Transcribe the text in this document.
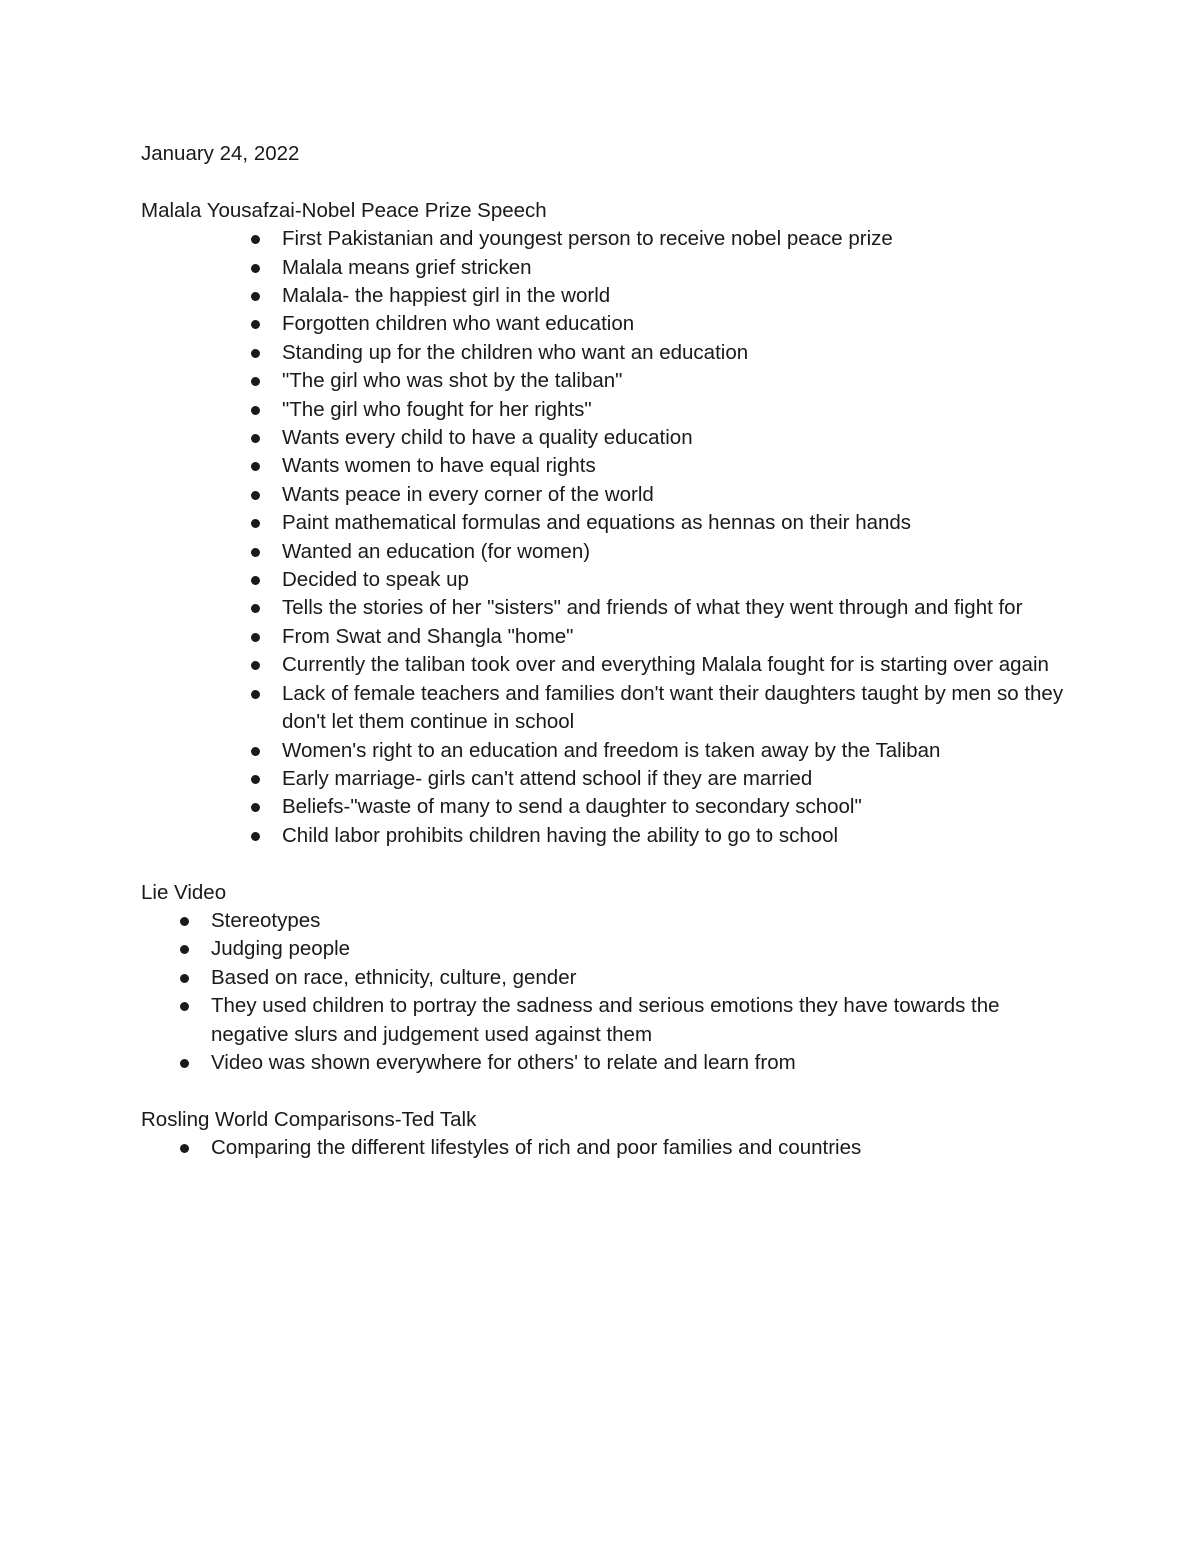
January 24, 2022

Malala Yousafzai-Nobel Peace Prize Speech

First Pakistanian and youngest person to receive nobel peace prize
Malala means grief stricken
Malala- the happiest girl in the world
Forgotten children who want education
Standing up for the children who want an education
"The girl who was shot by the taliban"
"The girl who fought for her rights"
Wants every child to have a quality education
Wants women to have equal rights
Wants peace in every corner of the world
Paint mathematical formulas and equations as hennas on their hands
Wanted an education (for women)
Decided to speak up
Tells the stories of her "sisters" and friends of what they went through and fight for
From Swat and Shangla "home"
Currently the taliban took over and everything Malala fought for is starting over again
Lack of female teachers and families don't want their daughters taught by men so they don't let them continue in school
Women's right to an education and freedom is taken away by the Taliban
Early marriage- girls can't attend school if they are married
Beliefs-"waste of many to send a daughter to secondary school"
Child labor prohibits children having the ability to go to school

Lie Video

Stereotypes
Judging people
Based on race, ethnicity, culture, gender
They used children to portray the sadness and serious emotions they have towards the negative slurs and judgement used against them
Video was shown everywhere for others' to relate and learn from

Rosling World Comparisons-Ted Talk

Comparing the different lifestyles of rich and poor families and countries
